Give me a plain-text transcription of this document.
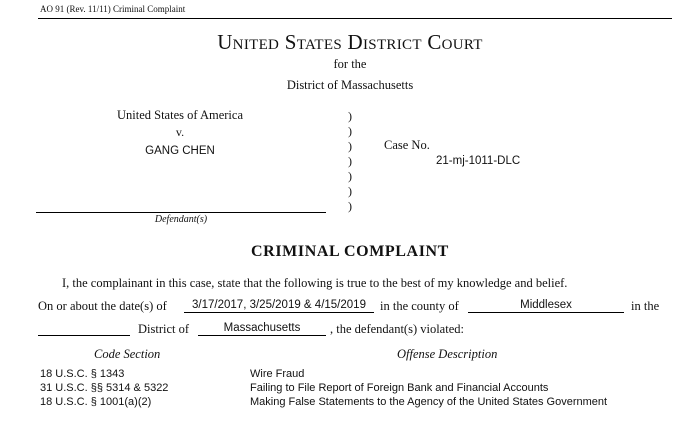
AO 91 (Rev. 11/11) Criminal Complaint
United States District Court
for the
District of Massachusetts
United States of America
v.
GANG CHEN
)
)
)
)
)
)
)
Case No.
21-mj-1011-DLC
Defendant(s)
CRIMINAL COMPLAINT
I, the complainant in this case, state that the following is true to the best of my knowledge and belief.
On or about the date(s) of	3/17/2017, 3/25/2019 & 4/15/2019	in the county of	Middlesex	in the
District of	Massachusetts	, the defendant(s) violated:
Code Section	Offense Description
18 U.S.C. § 1343	Wire Fraud
31 U.S.C. §§ 5314 & 5322	Failing to File Report of Foreign Bank and Financial Accounts
18 U.S.C. § 1001(a)(2)	Making False Statements to the Agency of the United States Government
